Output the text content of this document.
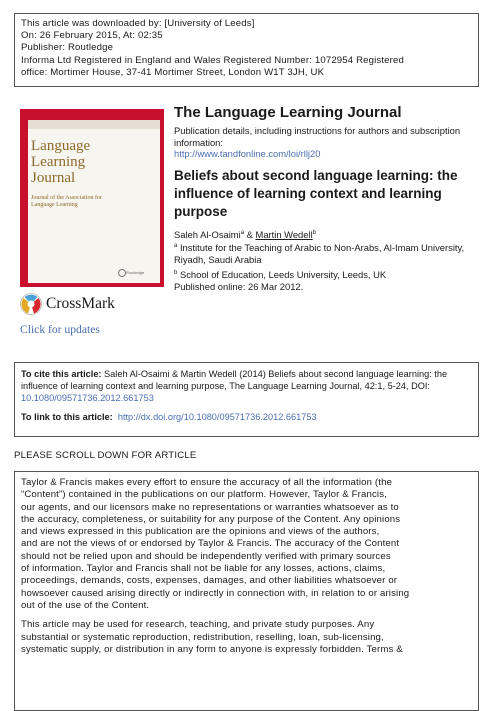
This article was downloaded by: [University of Leeds]
On: 26 February 2015, At: 02:35
Publisher: Routledge
Informa Ltd Registered in England and Wales Registered Number: 1072954 Registered
office: Mortimer House, 37-41 Mortimer Street, London W1T 3JH, UK
Language Learning Journal
Journal of the Association for Language Learning
Routledge
CrossMark
Click for updates
The Language Learning Journal
Publication details, including instructions for authors and subscription information:
http://www.tandfonline.com/loi/rllj20
Beliefs about second language learning: the influence of learning context and learning purpose
Saleh Al-Osaimi$^a$ & Martin Wedell$^b$
$^a$ Institute for the Teaching of Arabic to Non-Arabs, Al-Imam University, Riyadh, Saudi Arabia
$^b$ School of Education, Leeds University, Leeds, UK
Published online: 26 Mar 2012.
To cite this article: Saleh Al-Osaimi & Martin Wedell (2014) Beliefs about second language learning: the influence of learning context and learning purpose, The Language Learning Journal, 42:1, 5-24, DOI: 10.1080/09571736.2012.661753
To link to this article: http://dx.doi.org/10.1080/09571736.2012.661753
PLEASE SCROLL DOWN FOR ARTICLE
Taylor & Francis makes every effort to ensure the accuracy of all the information (the
“Content”) contained in the publications on our platform. However, Taylor & Francis,
our agents, and our licensors make no representations or warranties whatsoever as to
the accuracy, completeness, or suitability for any purpose of the Content. Any opinions
and views expressed in this publication are the opinions and views of the authors,
and are not the views of or endorsed by Taylor & Francis. The accuracy of the Content
should not be relied upon and should be independently verified with primary sources
of information. Taylor and Francis shall not be liable for any losses, actions, claims,
proceedings, demands, costs, expenses, damages, and other liabilities whatsoever or
howsoever caused arising directly or indirectly in connection with, in relation to or arising
out of the use of the Content.
This article may be used for research, teaching, and private study purposes. Any
substantial or systematic reproduction, redistribution, reselling, loan, sub-licensing,
systematic supply, or distribution in any form to anyone is expressly forbidden. Terms &
